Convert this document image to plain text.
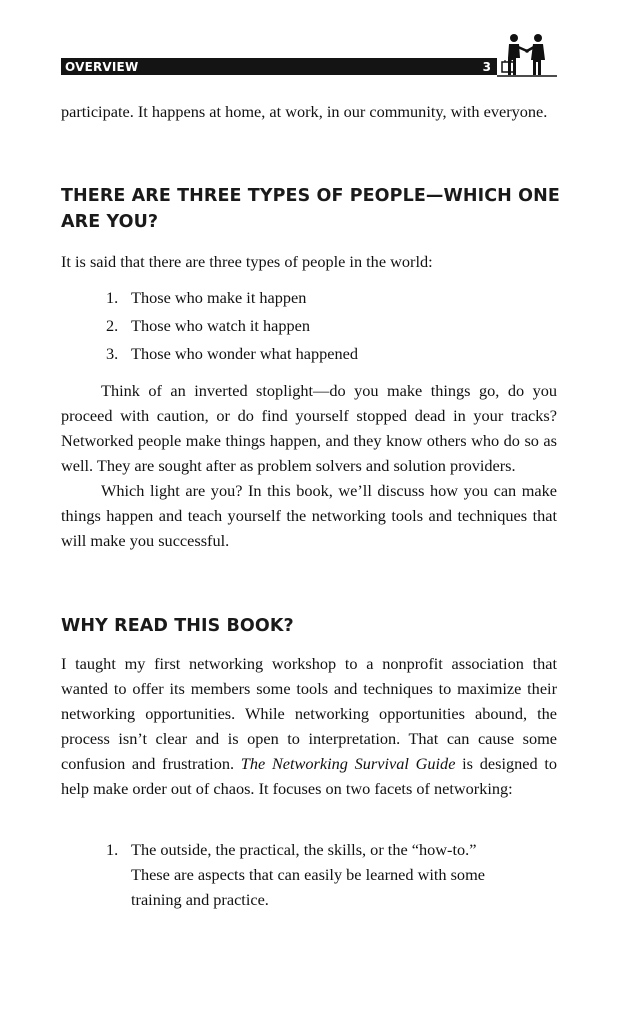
OVERVIEW	3

participate. It happens at home, at work, in our community, with everyone.

THERE ARE THREE TYPES OF PEOPLE—WHICH ONE
ARE YOU?

It is said that there are three types of people in the world:

1. Those who make it happen
2. Those who watch it happen
3. Those who wonder what happened

Think of an inverted stoplight—do you make things go, do you proceed with caution, or do find yourself stopped dead in your tracks? Networked people make things happen, and they know others who do so as well. They are sought after as problem solvers and solution providers.

Which light are you? In this book, we’ll discuss how you can make things happen and teach yourself the networking tools and techniques that will make you successful.

WHY READ THIS BOOK?

I taught my first networking workshop to a nonprofit association that wanted to offer its members some tools and techniques to maximize their networking opportunities. While networking opportunities abound, the process isn’t clear and is open to interpretation. That can cause some confusion and frustration. The Networking Survival Guide is designed to help make order out of chaos. It focuses on two facets of networking:

1. The outside, the practical, the skills, or the “how-to.”
These are aspects that can easily be learned with some
training and practice.
